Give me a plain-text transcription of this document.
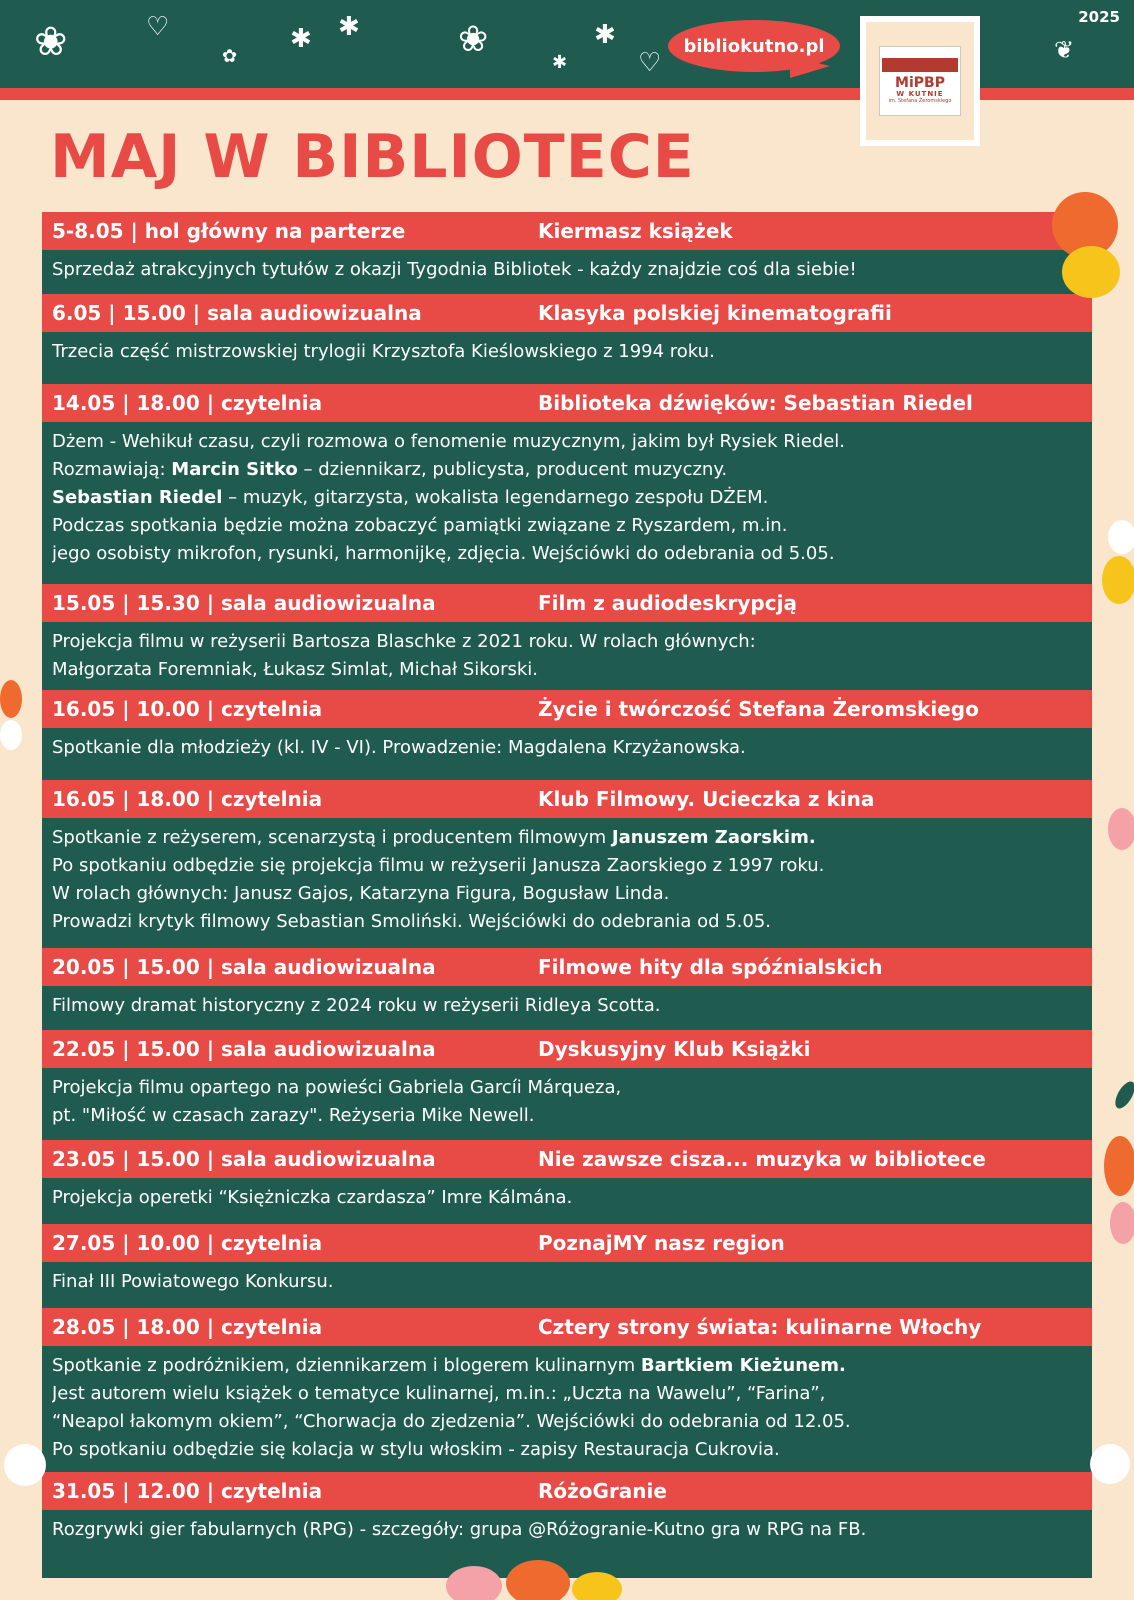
❀	♡
✿
✱ ✱	❀
✱
✱
♡	❦
2025
bibliokutno.pl
MiPBP
W KUTNIE
im. Stefana Żeromskiego
MAJ W BIBLIOTECE
5-8.05 | hol główny na parterze	Kiermasz książek
Sprzedaż atrakcyjnych tytułów z okazji Tygodnia Bibliotek - każdy znajdzie coś dla siebie!
6.05 | 15.00 | sala audiowizualna	Klasyka polskiej kinematografii
Trzecia część mistrzowskiej trylogii Krzysztofa Kieślowskiego z 1994 roku.
14.05 | 18.00 | czytelnia	Biblioteka dźwięków: Sebastian Riedel
Dżem - Wehikuł czasu, czyli rozmowa o fenomenie muzycznym, jakim był Rysiek Riedel.
Rozmawiają: Marcin Sitko – dziennikarz, publicysta, producent muzyczny.
Sebastian Riedel – muzyk, gitarzysta, wokalista legendarnego zespołu DŻEM.
Podczas spotkania będzie można zobaczyć pamiątki związane z Ryszardem, m.in.
jego osobisty mikrofon, rysunki, harmonijkę, zdjęcia. Wejściówki do odebrania od 5.05.
15.05 | 15.30 | sala audiowizualna	Film z audiodeskrypcją
Projekcja filmu w reżyserii Bartosza Blaschke z 2021 roku. W rolach głównych:
Małgorzata Foremniak, Łukasz Simlat, Michał Sikorski.
16.05 | 10.00 | czytelnia	Życie i twórczość Stefana Żeromskiego
Spotkanie dla młodzieży (kl. IV - VI). Prowadzenie: Magdalena Krzyżanowska.
16.05 | 18.00 | czytelnia	Klub Filmowy. Ucieczka z kina
Spotkanie z reżyserem, scenarzystą i producentem filmowym Januszem Zaorskim.
Po spotkaniu odbędzie się projekcja filmu w reżyserii Janusza Zaorskiego z 1997 roku.
W rolach głównych: Janusz Gajos, Katarzyna Figura, Bogusław Linda.
Prowadzi krytyk filmowy Sebastian Smoliński. Wejściówki do odebrania od 5.05.
20.05 | 15.00 | sala audiowizualna	Filmowe hity dla spóźnialskich
Filmowy dramat historyczny z 2024 roku w reżyserii Ridleya Scotta.
22.05 | 15.00 | sala audiowizualna	Dyskusyjny Klub Książki
Projekcja filmu opartego na powieści Gabriela Garcíi Márqueza,
pt. "Miłość w czasach zarazy". Reżyseria Mike Newell.
23.05 | 15.00 | sala audiowizualna	Nie zawsze cisza... muzyka w bibliotece
Projekcja operetki “Księżniczka czardasza” Imre Kálmána.
27.05 | 10.00 | czytelnia	PoznajMY nasz region
Finał III Powiatowego Konkursu.
28.05 | 18.00 | czytelnia	Cztery strony świata: kulinarne Włochy
Spotkanie z podróżnikiem, dziennikarzem i blogerem kulinarnym Bartkiem Kieżunem.
Jest autorem wielu książek o tematyce kulinarnej, m.in.: „Uczta na Wawelu”, “Farina”,
“Neapol łakomym okiem”, “Chorwacja do zjedzenia”. Wejściówki do odebrania od 12.05.
Po spotkaniu odbędzie się kolacja w stylu włoskim - zapisy Restauracja Cukrovia.
31.05 | 12.00 | czytelnia	RóżoGranie
Rozgrywki gier fabularnych (RPG) - szczegóły: grupa @Różogranie-Kutno gra w RPG na FB.
